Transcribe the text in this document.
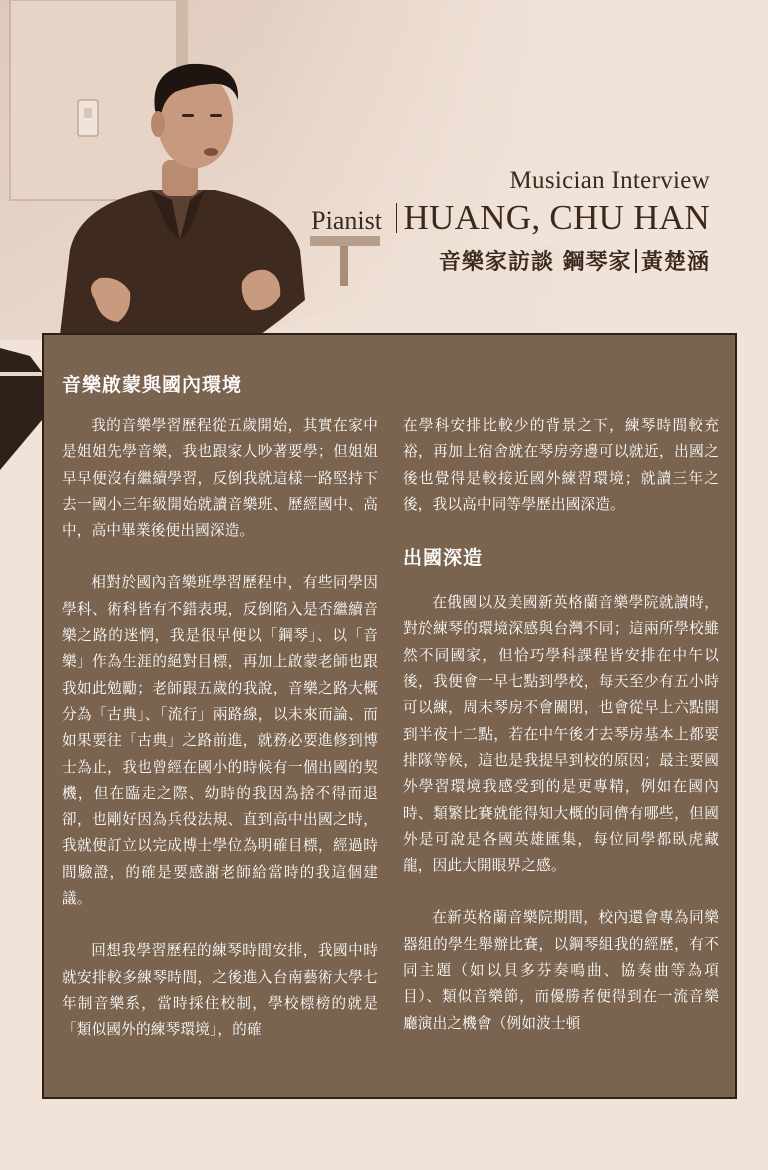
Musician Interview
Pianist HUANG, CHU HAN
音樂家訪談 鋼琴家 黃楚涵
音樂啟蒙與國內環境

我的音樂學習歷程從五歲開始，其實在家中是姐姐先學音樂，我也跟家人吵著要學；但姐姐早早便沒有繼續學習，反倒我就這樣一路堅持下去一國小三年級開始就讀音樂班、歷經國中、高中，高中畢業後便出國深造。

相對於國內音樂班學習歷程中，有些同學因學科、術科皆有不錯表現，反倒陷入是否繼續音樂之路的迷惘，我是很早便以「鋼琴」、以「音樂」作為生涯的絕對目標，再加上啟蒙老師也跟我如此勉勵；老師跟五歲的我說，音樂之路大概分為「古典」、「流行」兩路線，以未來而論、而如果要往「古典」之路前進，就務必要進修到博士為止，我也曾經在國小的時候有一個出國的契機，但在臨走之際、幼時的我因為捨不得而退卻，也剛好因為兵役法規、直到高中出國之時，我就便訂立以完成博士學位為明確目標，經過時間驗證，的確是要感謝老師給當時的我這個建議。

回想我學習歷程的練琴時間安排，我國中時就安排較多練琴時間，之後進入台南藝術大學七年制音樂系，當時採住校制，學校標榜的就是「類似國外的練琴環境」，的確

在學科安排比較少的背景之下，練琴時間較充裕，再加上宿舍就在琴房旁邊可以就近，出國之後也覺得是較接近國外練習環境；就讀三年之後，我以高中同等學歷出國深造。

出國深造

在俄國以及美國新英格蘭音樂學院就讀時，對於練琴的環境深感與台灣不同；這兩所學校雖然不同國家，但恰巧學科課程皆安排在中午以後，我便會一早七點到學校，每天至少有五小時可以練，周末琴房不會關閉，也會從早上六點開到半夜十二點，若在中午後才去琴房基本上都要排隊等候，這也是我提早到校的原因；最主要國外學習環境我感受到的是更專精，例如在國內時、類繁比賽就能得知大概的同儕有哪些，但國外是可說是各國英雄匯集，每位同學都臥虎藏龍，因此大開眼界之感。

在新英格蘭音樂院期間，校內還會專為同樂器組的學生舉辦比賽，以鋼琴組我的經歷，有不同主題（如以貝多芬奏鳴曲、協奏曲等為項目）、類似音樂節，而優勝者便得到在一流音樂廳演出之機會（例如波士頓
